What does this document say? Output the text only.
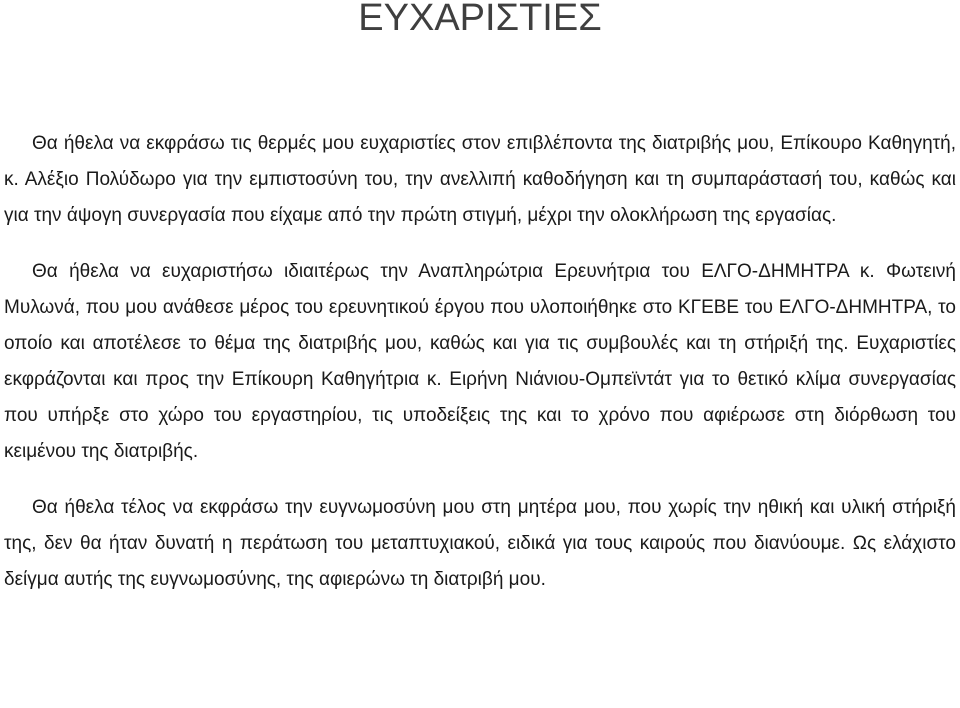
ΕΥΧΑΡΙΣΤΙΕΣ

Θα ήθελα να εκφράσω τις θερμές μου ευχαριστίες στον επιβλέποντα της διατριβής μου, Επίκουρο Καθηγητή, κ. Αλέξιο Πολύδωρο για την εμπιστοσύνη του, την ανελλιπή καθοδήγηση και τη συμπαράστασή του, καθώς και για την άψογη συνεργασία που είχαμε από την πρώτη στιγμή, μέχρι την ολοκλήρωση της εργασίας.

Θα ήθελα να ευχαριστήσω ιδιαιτέρως την Αναπληρώτρια Ερευνήτρια του ΕΛΓΟ-ΔΗΜΗΤΡΑ κ. Φωτεινή Μυλωνά, που μου ανάθεσε μέρος του ερευνητικού έργου που υλοποιήθηκε στο ΚΓΕΒΕ του ΕΛΓΟ-ΔΗΜΗΤΡΑ, το οποίο και αποτέλεσε το θέμα της διατριβής μου, καθώς και για τις συμβουλές και τη στήριξή της. Ευχαριστίες εκφράζονται και προς την Επίκουρη Καθηγήτρια κ. Ειρήνη Νιάνιου-Ομπεϊντάτ για το θετικό κλίμα συνεργασίας που υπήρξε στο χώρο του εργαστηρίου, τις υποδείξεις της και το χρόνο που αφιέρωσε στη διόρθωση του κειμένου της διατριβής.

Θα ήθελα τέλος να εκφράσω την ευγνωμοσύνη μου στη μητέρα μου, που χωρίς την ηθική και υλική στήριξή της, δεν θα ήταν δυνατή η περάτωση του μεταπτυχιακού, ειδικά για τους καιρούς που διανύουμε. Ως ελάχιστο δείγμα αυτής της ευγνωμοσύνης, της αφιερώνω τη διατριβή μου.
